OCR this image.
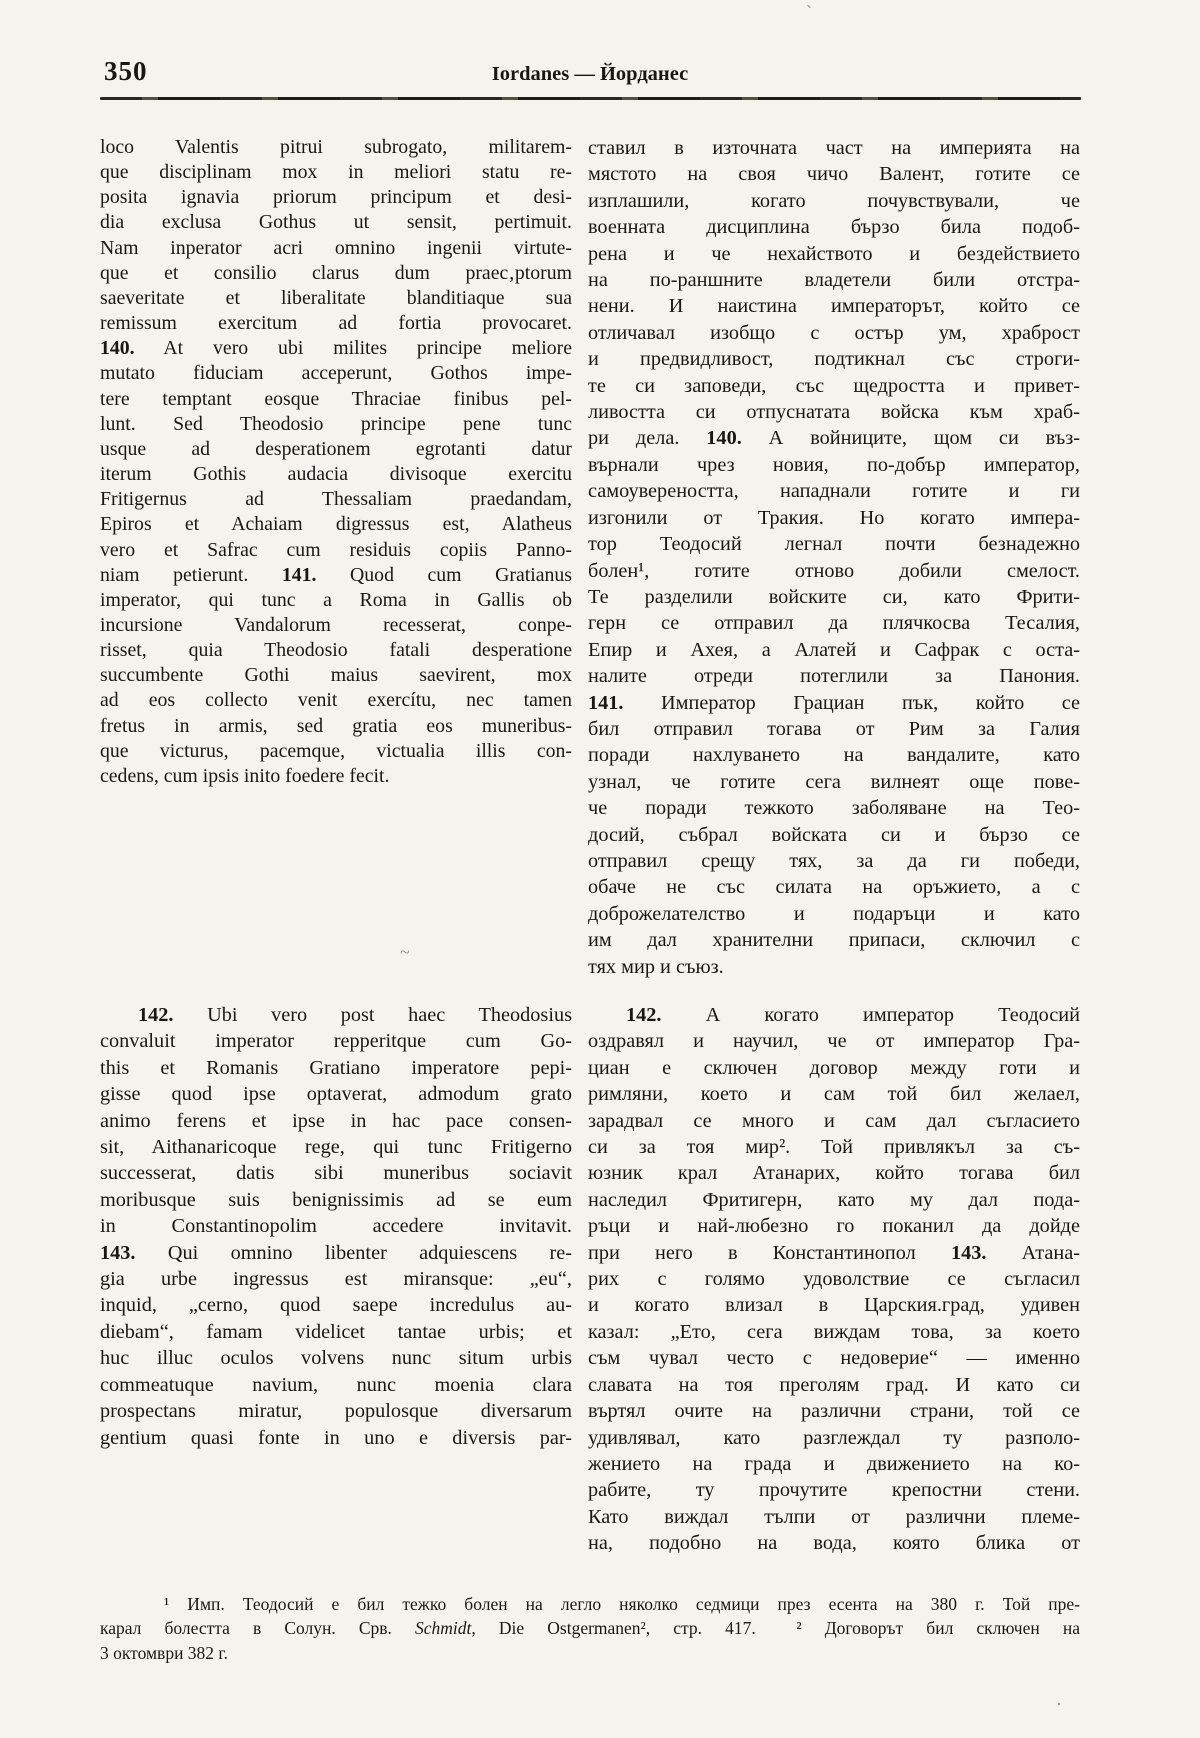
350	Iordanes — Йорданес
loco Valentis pitrui subrogato, militarem-
que disciplinam mox in meliori statu re-
posita ignavia priorum principum et desi-
dia exclusa Gothus ut sensit, pertimuit.
Nam inperator acri omnino ingenii virtute-
que et consilio clarus dum praec‚ptorum
saeveritate et liberalitate blanditiaque sua
remissum exercitum ad fortia provocaret.
140. At vero ubi milites principe meliore
mutato fiduciam acceperunt, Gothos impe-
tere temptant eosque Thraciae finibus pel-
lunt. Sed Theodosio principe pene tunc
usque ad desperationem egrotanti datur
iterum Gothis audacia divisoque exercitu
Fritigernus ad Thessaliam praedandam,
Epiros et Achaiam digressus est, Alatheus
vero et Safrac cum residuis copiis Panno-
niam petierunt. 141. Quod cum Gratianus
imperator, qui tunc a Roma in Gallis ob
incursione Vandalorum recesserat, conpe-
risset, quia Theodosio fatali desperatione
succumbente Gothi maius saevirent, mox
ad eos collecto venit exercítu, nec tamen
fretus in armis, sed gratia eos muneribus-
que victurus, pacemque, victualia illis con-
cedens, cum ipsis inito foedere fecit.
142. Ubi vero post haec Theodosius
convaluit imperator repperitque cum Go-
this et Romanis Gratiano imperatore pepi-
gisse quod ipse optaverat, admodum grato
animo ferens et ipse in hac pace consen-
sit, Aithanaricoque rege, qui tunc Fritigerno
successerat, datis sibi muneribus sociavit
moribusque suis benignissimis ad se eum
in Constantinopolim accedere invitavit.
143. Qui omnino libenter adquiescens re-
gia urbe ingressus est miransque: „eu“,
inquid, „cerno, quod saepe incredulus au-
diebam“, famam videlicet tantae urbis; et
huc illuc oculos volvens nunc situm urbis
commeatuque navium, nunc moenia clara
prospectans miratur, populosque diversarum
gentium quasi fonte in uno e diversis par-
ставил в източната част на империята на
мястото на своя чичо Валент, готите се
изплашили, когато почувствували, че
военната дисциплина бързо била подоб-
рена и че нехайството и бездействието
на по-раншните владетели били отстра-
нени. И наистина императорът, който се
отличавал изобщо с остър ум, храброст
и предвидливост, подтикнал със строги-
те си заповеди, със щедростта и привет-
ливостта си отпуснатата войска към храб-
ри дела. 140. А войниците, щом си въз-
върнали чрез новия, по-добър император,
самоувереността, нападнали готите и ги
изгонили от Тракия. Но когато импера-
тор Теодосий легнал почти безнадежно
болен¹, готите отново добили смелост.
Те разделили войските си, като Фрити-
герн се отправил да плячкосва Тесалия,
Епир и Ахея, а Алатей и Сафрак с оста-
налите отреди потеглили за Панония.
141. Император Грациан пък, който се
бил отправил тогава от Рим за Галия
поради нахлуването на вандалите, като
узнал, че готите сега вилнеят още пове-
че поради тежкото заболяване на Тео-
досий, събрал войската си и бързо се
отправил срещу тях, за да ги победи,
обаче не със силата на оръжието, а с
доброжелателство и подаръци и като
им дал хранителни припаси, сключил с
тях мир и съюз.
142. А когато император Теодосий
оздравял и научил, че от император Гра-
циан е сключен договор между готи и
римляни, което и сам той бил желаел,
зарадвал се много и сам дал съгласието
си за тоя мир². Той привлякъл за съ-
юзник крал Атанарих, който тогава бил
наследил Фритигерн, като му дал пода-
ръци и най-любезно го поканил да дойде
при него в Константинопол 143. Атана-
рих с голямо удоволствие се съгласил
и когато влизал в Царския.град, удивен
казал: „Ето, сега виждам това, за което
съм чувал често с недоверие“ — именно
славата на тоя преголям град. И като си
въртял очите на различни страни, той се
удивлявал, като разглеждал ту разполо-
жението на града и движението на ко-
рабите, ту прочутите крепостни стени.
Като виждал тълпи от различни племе-
на, подобно на вода, която блика от
¹ Имп. Теодосий е бил тежко болен на легло няколко седмици през есента на 380 г. Той пре-
карал болестта в Солун. Срв. Schmidt, Die Ostgermanen², стр. 417.  ² Договорът бил сключен на
3 октомври 382 г.
ˋ
~
·
